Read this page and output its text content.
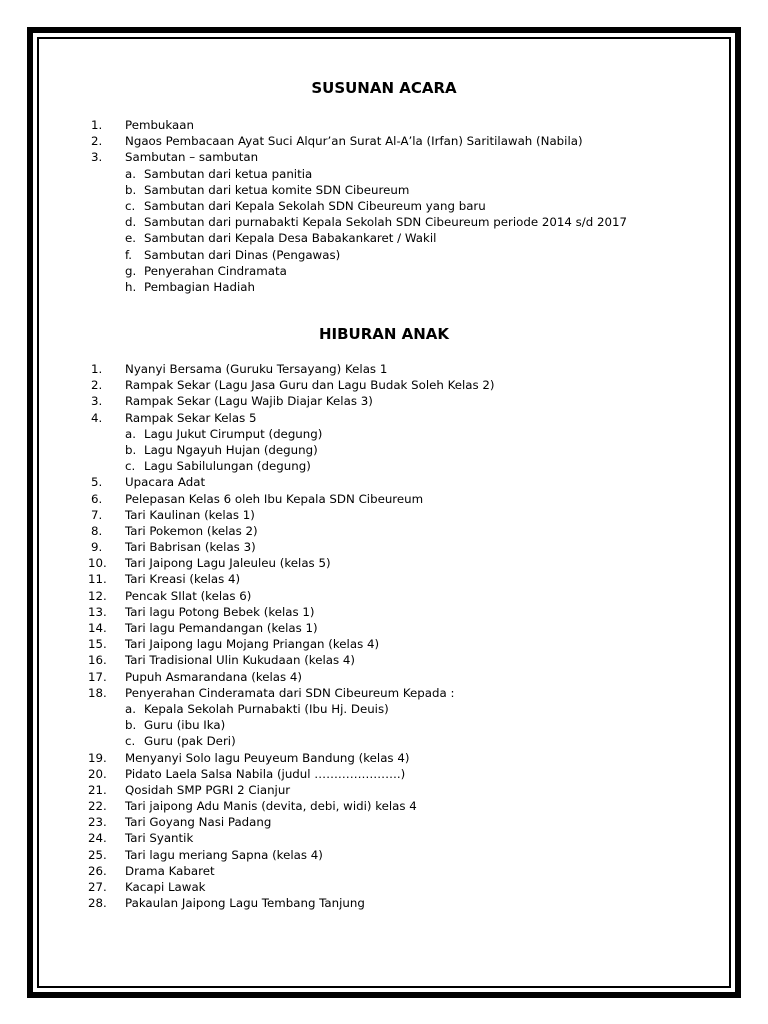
SUSUNAN ACARA
1. Pembukaan
2. Ngaos Pembacaan Ayat Suci Alqur’an Surat Al-A’la (Irfan) Saritilawah (Nabila)
3. Sambutan – sambutan
a. Sambutan dari ketua panitia
b. Sambutan dari ketua komite SDN Cibeureum
c. Sambutan dari Kepala Sekolah SDN Cibeureum yang baru
d. Sambutan dari purnabakti Kepala Sekolah SDN Cibeureum periode 2014 s/d 2017
e. Sambutan dari Kepala Desa Babakankaret / Wakil
f. Sambutan dari Dinas (Pengawas)
g. Penyerahan Cindramata
h. Pembagian Hadiah
HIBURAN ANAK
1. Nyanyi Bersama (Guruku Tersayang) Kelas 1
2. Rampak Sekar (Lagu Jasa Guru dan Lagu Budak Soleh Kelas 2)
3. Rampak Sekar (Lagu Wajib Diajar Kelas 3)
4. Rampak Sekar Kelas 5
a. Lagu Jukut Cirumput (degung)
b. Lagu Ngayuh Hujan (degung)
c. Lagu Sabilulungan (degung)
5. Upacara Adat
6. Pelepasan Kelas 6 oleh Ibu Kepala SDN Cibeureum
7. Tari Kaulinan (kelas 1)
8. Tari Pokemon (kelas 2)
9. Tari Babrisan (kelas 3)
10. Tari Jaipong Lagu Jaleuleu (kelas 5)
11. Tari Kreasi (kelas 4)
12. Pencak SIlat (kelas 6)
13. Tari lagu Potong Bebek (kelas 1)
14. Tari lagu Pemandangan (kelas 1)
15. Tari Jaipong lagu Mojang Priangan (kelas 4)
16. Tari Tradisional Ulin Kukudaan (kelas 4)
17. Pupuh Asmarandana (kelas 4)
18. Penyerahan Cinderamata dari SDN Cibeureum Kepada :
a. Kepala Sekolah Purnabakti (Ibu Hj. Deuis)
b. Guru (ibu Ika)
c. Guru (pak Deri)
19. Menyanyi Solo lagu Peuyeum Bandung (kelas 4)
20. Pidato Laela Salsa Nabila (judul ………………….)
21. Qosidah SMP PGRI 2 Cianjur
22. Tari jaipong Adu Manis (devita, debi, widi) kelas 4
23. Tari Goyang Nasi Padang
24. Tari Syantik
25. Tari lagu meriang Sapna (kelas 4)
26. Drama Kabaret
27. Kacapi Lawak
28. Pakaulan Jaipong Lagu Tembang Tanjung
